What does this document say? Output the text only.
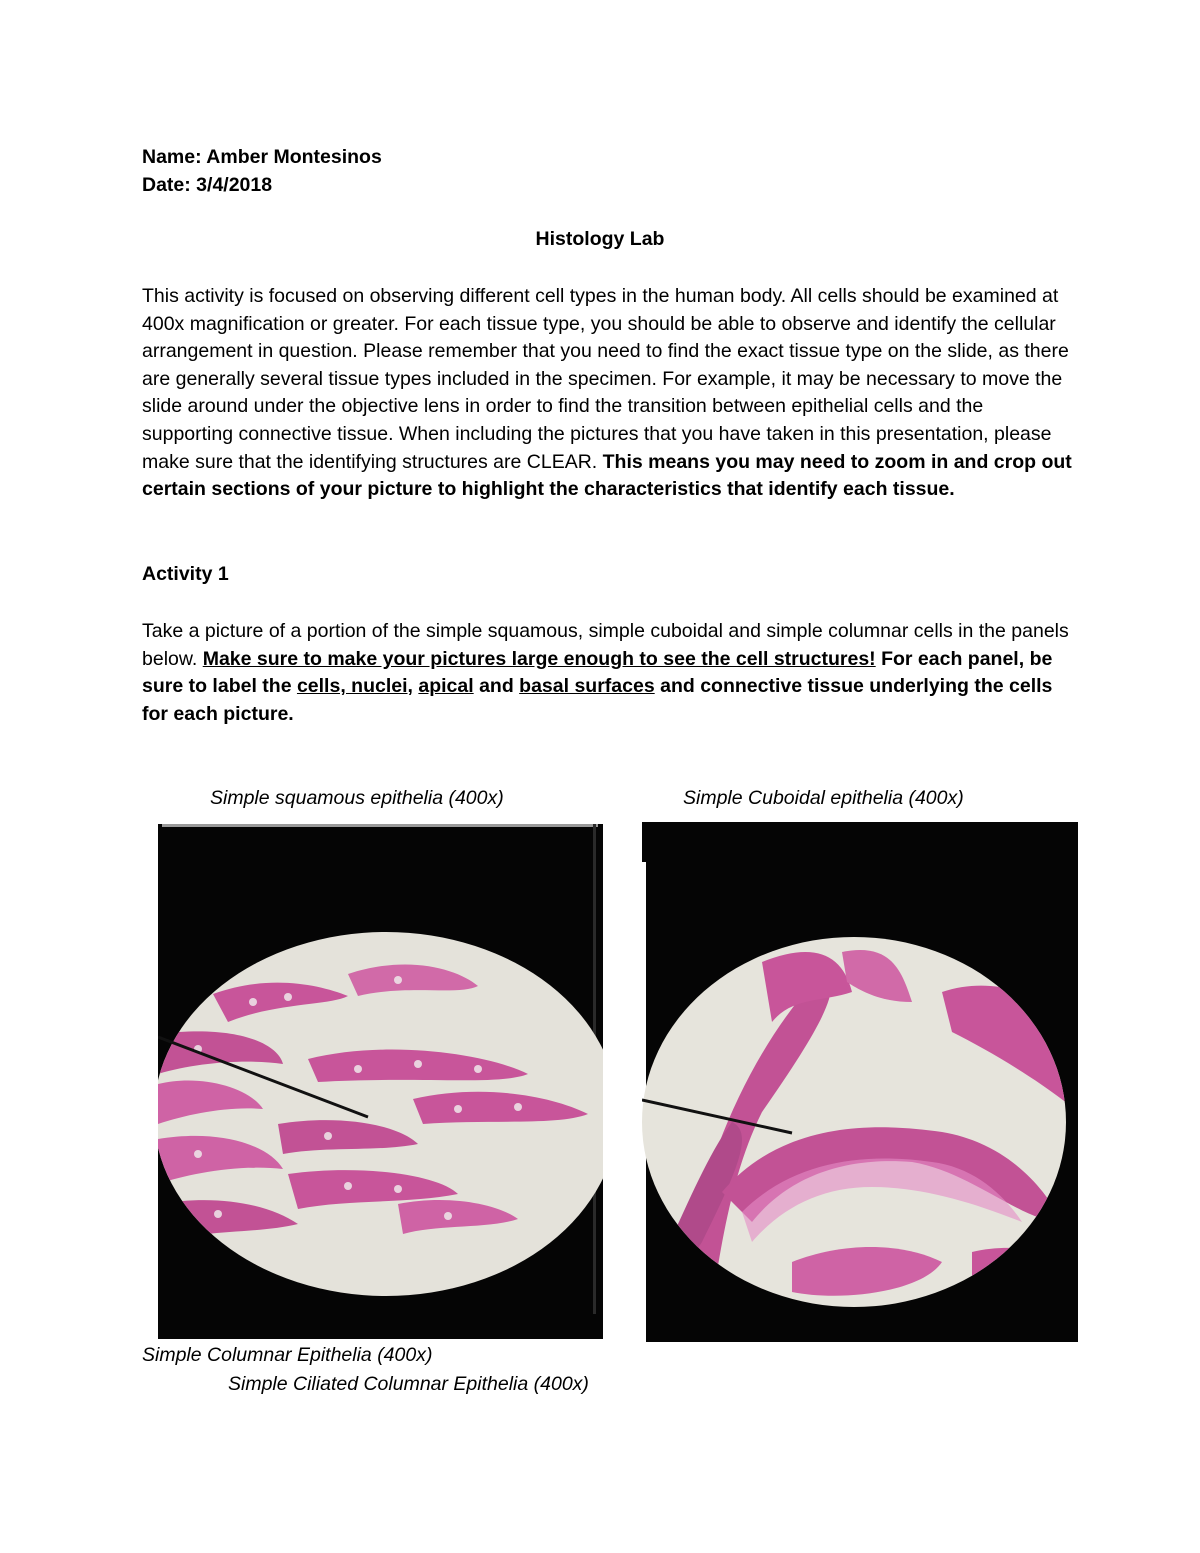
Name: Amber Montesinos
Date: 3/4/2018
Histology Lab
This activity is focused on observing different cell types in the human body. All cells should be examined at 400x magnification or greater. For each tissue type, you should be able to observe and identify the cellular arrangement in question. Please remember that you need to find the exact tissue type on the slide, as there are generally several tissue types included in the specimen. For example, it may be necessary to move the slide around under the objective lens in order to find the transition between epithelial cells and the supporting connective tissue. When including the pictures that you have taken in this presentation, please make sure that the identifying structures are CLEAR. This means you may need to zoom in and crop out certain sections of your picture to highlight the characteristics that identify each tissue.
Activity 1
Take a picture of a portion of the simple squamous, simple cuboidal and simple columnar cells in the panels below. Make sure to make your pictures large enough to see the cell structures! For each panel, be sure to label the cells, nuclei, apical and basal surfaces and connective tissue underlying the cells for each picture.
Simple squamous epithelia (400x)	Simple Cuboidal epithelia (400x)
Simple Columnar Epithelia (400x)
Simple Ciliated Columnar Epithelia (400x)
